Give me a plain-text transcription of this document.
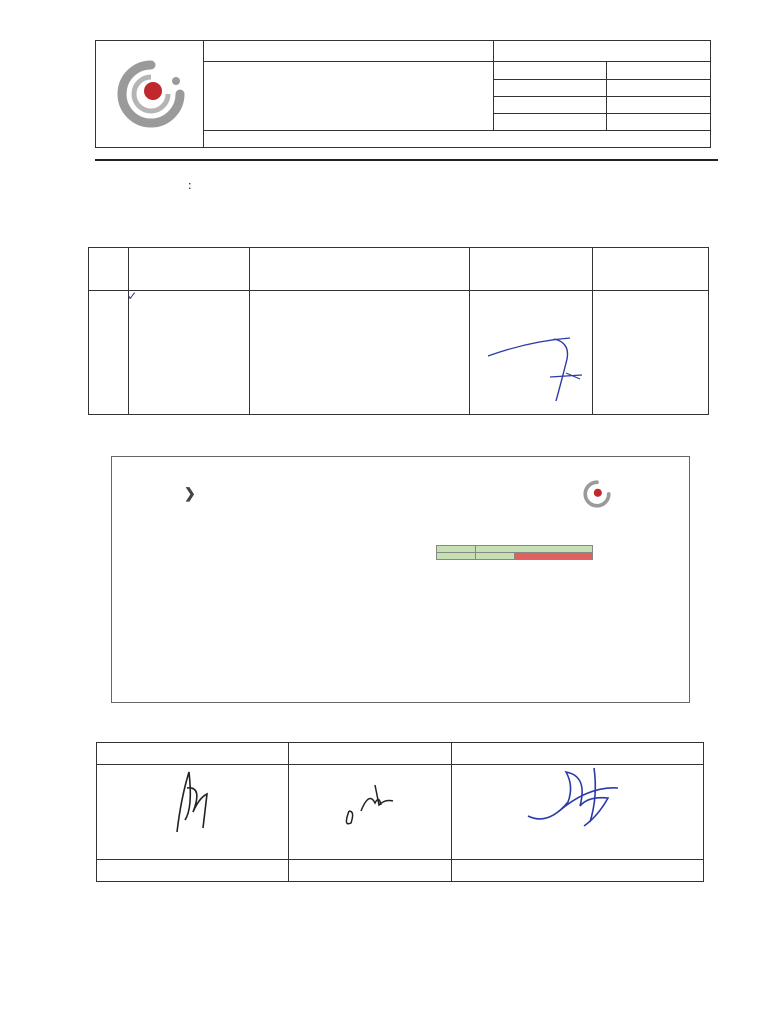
:

	✓

❯
